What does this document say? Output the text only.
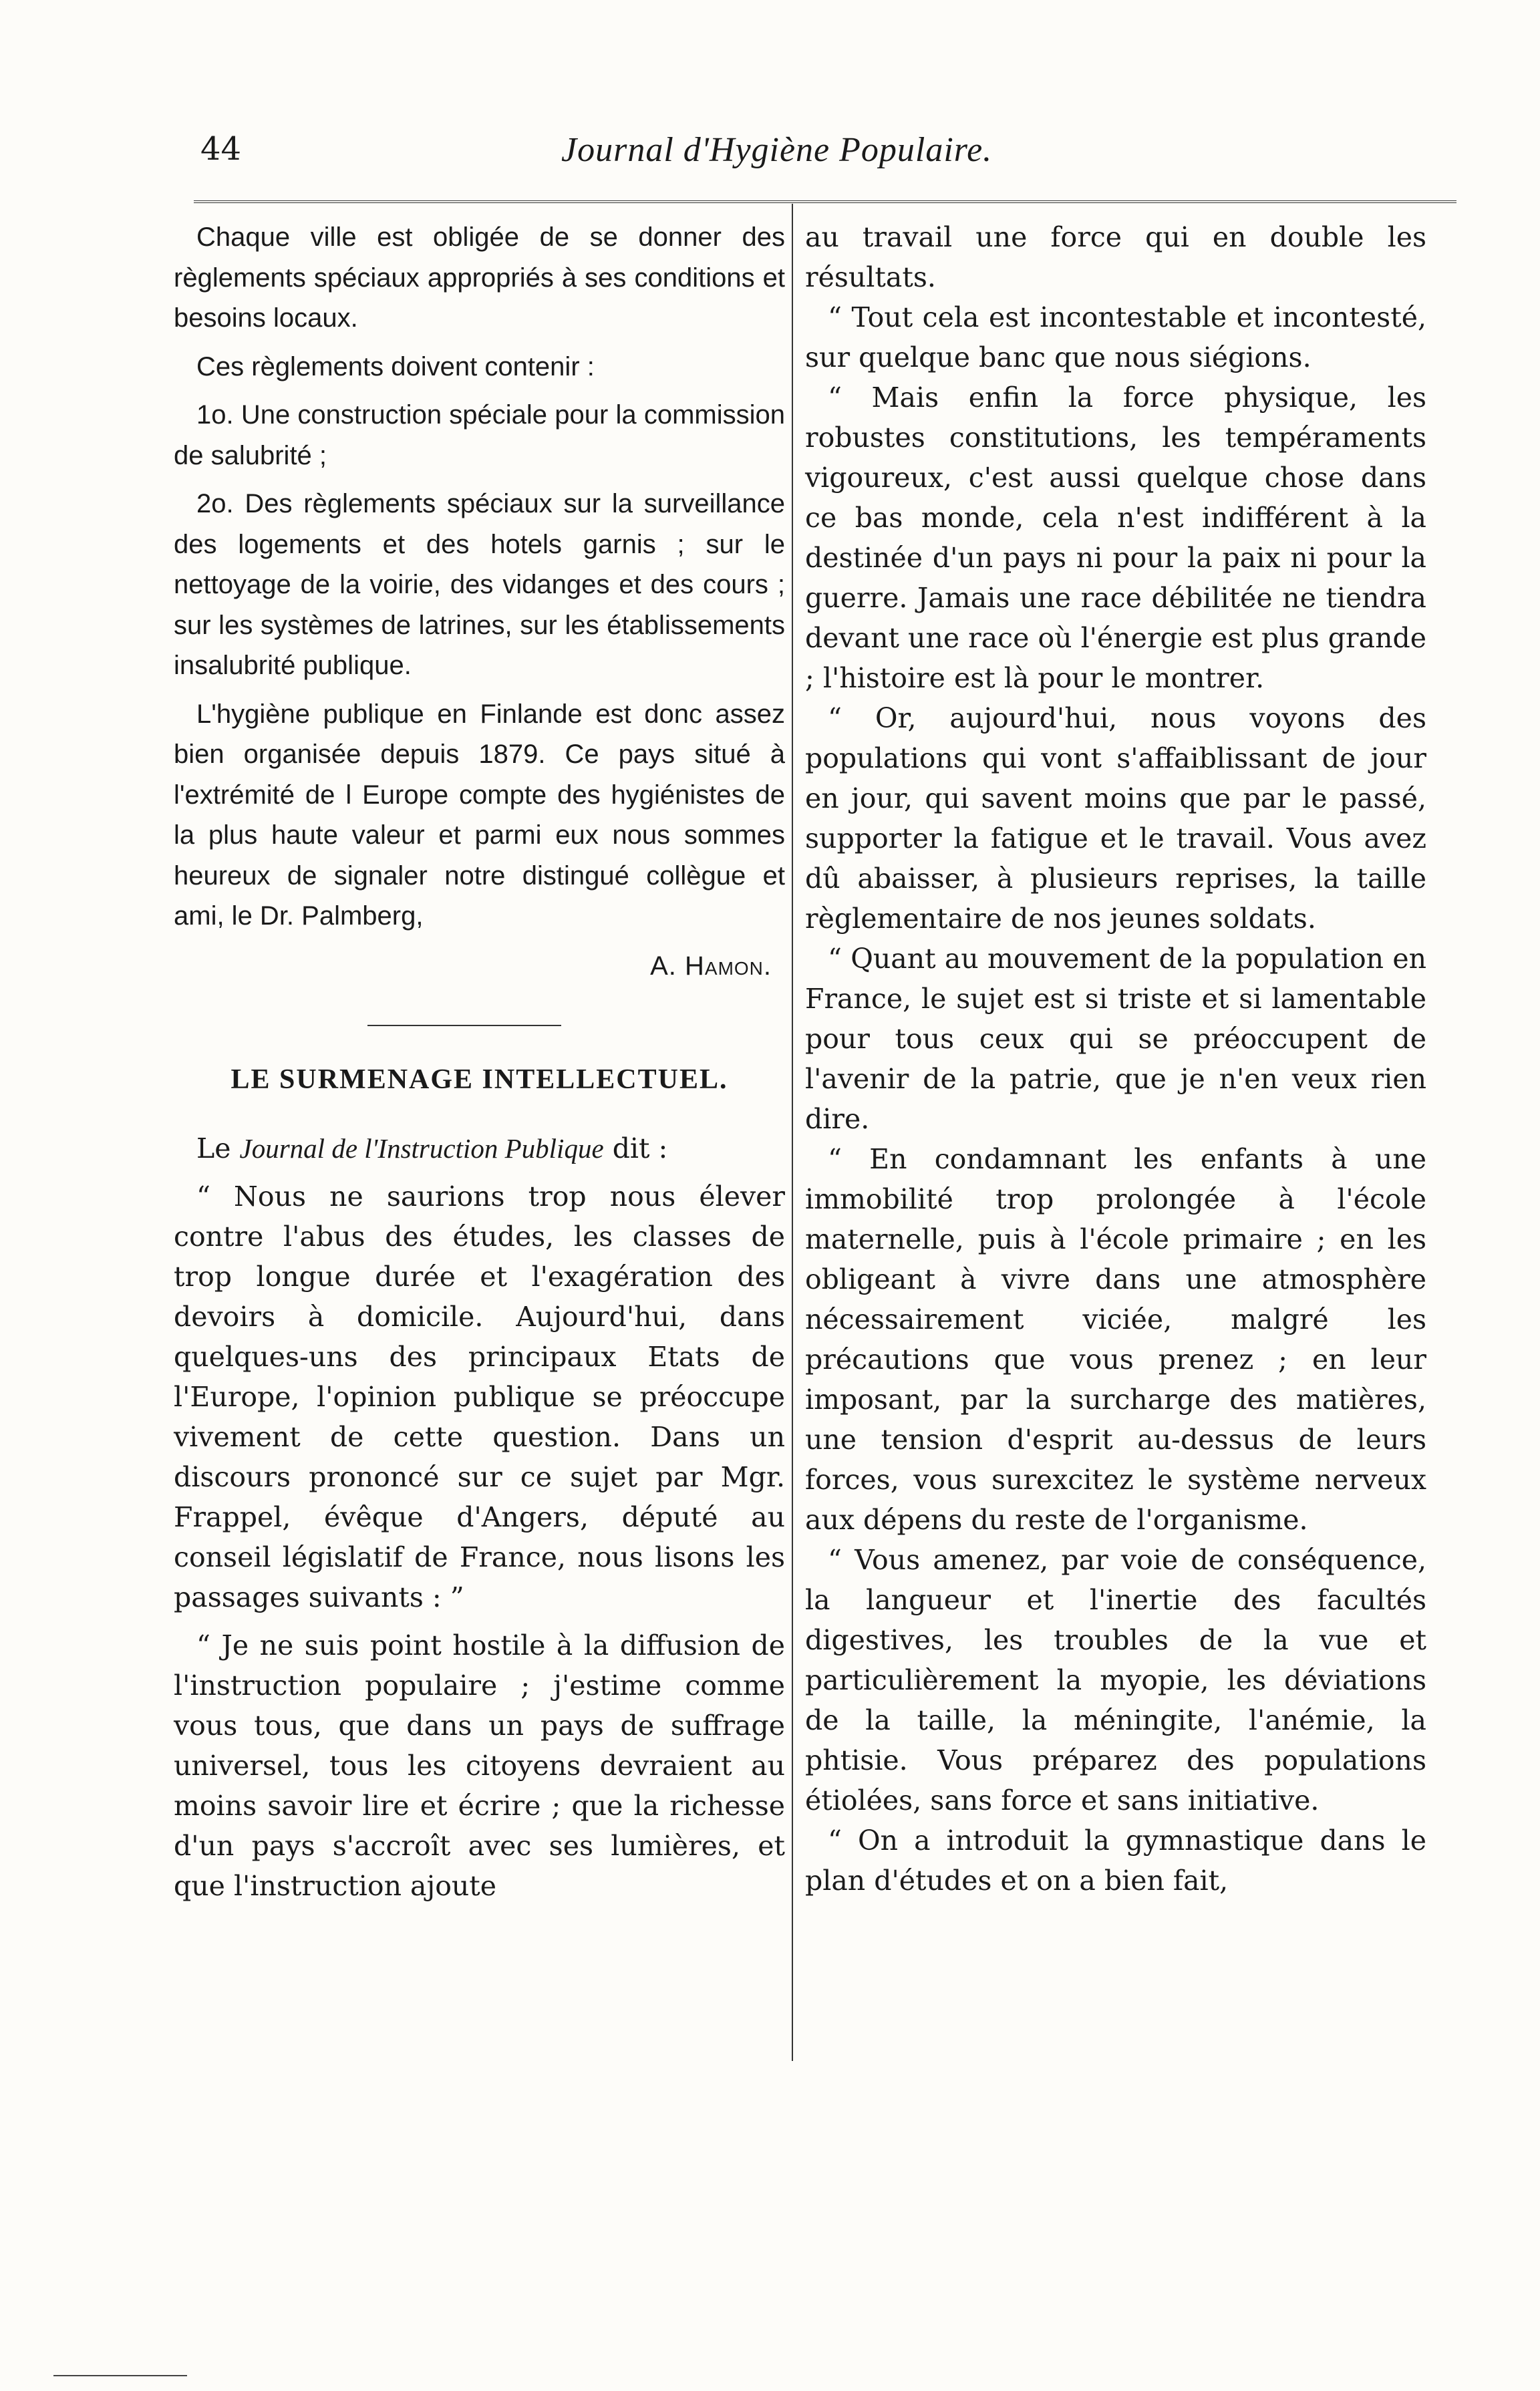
44	Journal d'Hygiène Populaire.

Chaque ville est obligée de se donner des règlements spéciaux appropriés à ses conditions et besoins locaux.

Ces règlements doivent contenir :

1o. Une construction spéciale pour la commission de salubrité ;

2o. Des règlements spéciaux sur la surveillance des logements et des hotels garnis ; sur le nettoyage de la voirie, des vidanges et des cours ; sur les systèmes de latrines, sur les établissements insalubrité publique.

L'hygiène publique en Finlande est donc assez bien organisée depuis 1879. Ce pays situé à l'extrémité de l Europe compte des hygiénistes de la plus haute valeur et parmi eux nous sommes heureux de signaler notre distingué collègue et ami, le Dr. Palmberg,

A. Hamon.
LE SURMENAGE INTELLECTUEL.

Le Journal de l'Instruction Publique dit :

“ Nous ne saurions trop nous élever contre l'abus des études, les classes de trop longue durée et l'exagération des devoirs à domicile. Aujourd'hui, dans quelques-uns des principaux Etats de l'Europe, l'opinion publique se préoccupe vivement de cette question. Dans un discours prononcé sur ce sujet par Mgr. Frappel, évêque d'Angers, député au conseil législatif de France, nous lisons les passages suivants : ”

“ Je ne suis point hostile à la diffusion de l'instruction populaire ; j'estime comme vous tous, que dans un pays de suffrage universel, tous les citoyens devraient au moins savoir lire et écrire ; que la richesse d'un pays s'accroît avec ses lumières, et que l'instruction ajoute

au travail une force qui en double les résultats.

“ Tout cela est incontestable et incontesté, sur quelque banc que nous siégions.

“ Mais enfin la force physique, les robustes constitutions, les tempéraments vigoureux, c'est aussi quelque chose dans ce bas monde, cela n'est indifférent à la destinée d'un pays ni pour la paix ni pour la guerre. Jamais une race débilitée ne tiendra devant une race où l'énergie est plus grande ; l'histoire est là pour le montrer.

“ Or, aujourd'hui, nous voyons des populations qui vont s'affaiblissant de jour en jour, qui savent moins que par le passé, supporter la fatigue et le travail. Vous avez dû abaisser, à plusieurs reprises, la taille règlementaire de nos jeunes soldats.

“ Quant au mouvement de la population en France, le sujet est si triste et si lamentable pour tous ceux qui se préoccupent de l'avenir de la patrie, que je n'en veux rien dire.

“ En condamnant les enfants à une immobilité trop prolongée à l'école maternelle, puis à l'école primaire ; en les obligeant à vivre dans une atmosphère nécessairement viciée, malgré les précautions que vous prenez ; en leur imposant, par la surcharge des matières, une tension d'esprit au-dessus de leurs forces, vous surexcitez le système nerveux aux dépens du reste de l'organisme.

“ Vous amenez, par voie de conséquence, la langueur et l'inertie des facultés digestives, les troubles de la vue et particulièrement la myopie, les déviations de la taille, la méningite, l'anémie, la phtisie. Vous préparez des populations étiolées, sans force et sans initiative.

“ On a introduit la gymnastique dans le plan d'études et on a bien fait,
